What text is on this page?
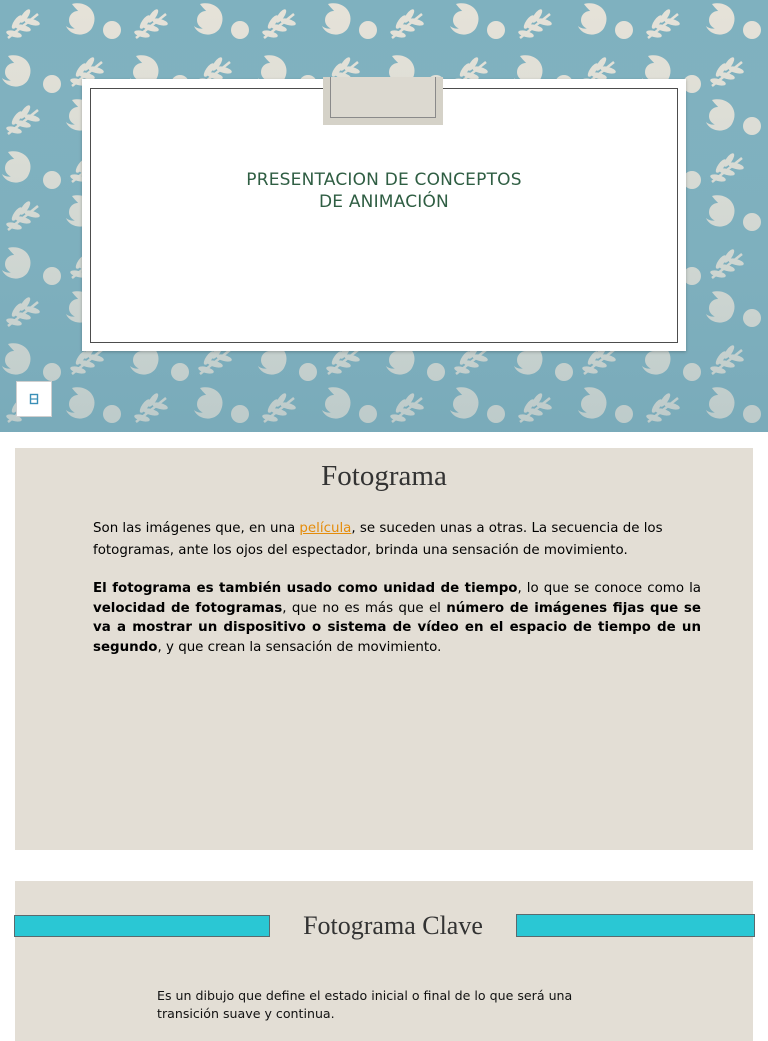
PRESENTACION DE CONCEPTOS
DE ANIMACIÓN
Fotograma

Son las imágenes que, en una película, se suceden unas a otras. La secuencia de los fotogramas, ante los ojos del espectador, brinda una sensación de movimiento.

El fotograma es también usado como unidad de tiempo, lo que se conoce como la velocidad de fotogramas, que no es más que el número de imágenes fijas que se va a mostrar un dispositivo o sistema de vídeo en el espacio de tiempo de un segundo, y que crean la sensación de movimiento.

Fotograma Clave

Es un dibujo que define el estado inicial o final de lo que será una transición suave y continua.
